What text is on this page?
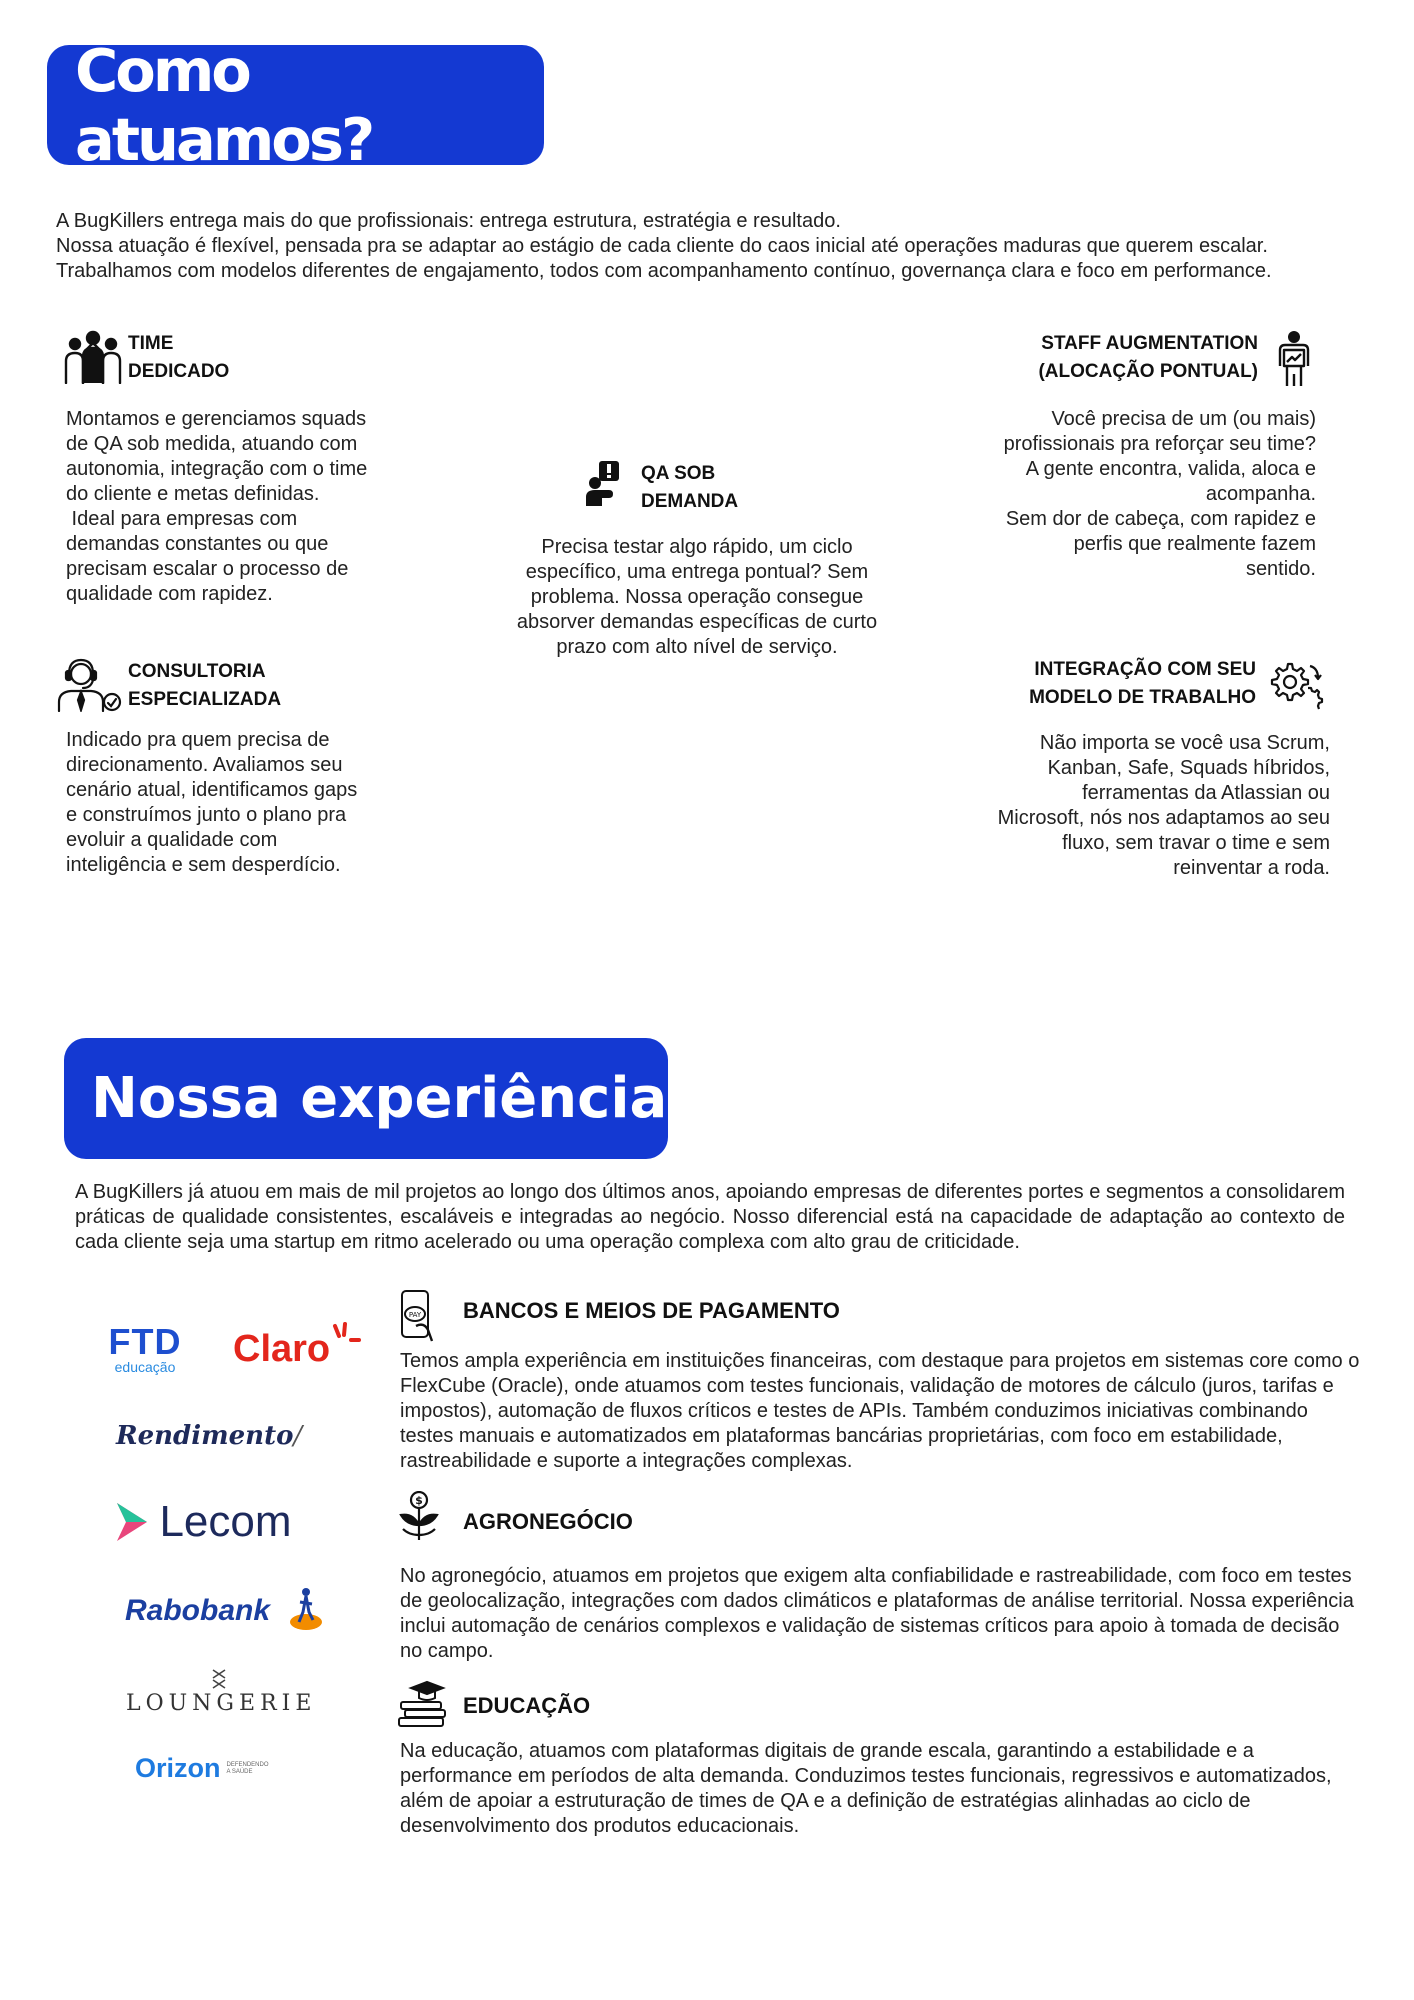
Como atuamos?
A BugKillers entrega mais do que profissionais: entrega estrutura, estratégia e resultado.
Nossa atuação é flexível, pensada pra se adaptar ao estágio de cada cliente do caos inicial até operações maduras que querem escalar. Trabalhamos com modelos diferentes de engajamento, todos com acompanhamento contínuo, governança clara e foco em performance.
TIME
DEDICADO
Montamos e gerenciamos squads
de QA sob medida, atuando com
autonomia, integração com o time
do cliente e metas definidas.
Ideal para empresas com
demandas constantes ou que
precisam escalar o processo de
qualidade com rapidez.
QA SOB
DEMANDA
Precisa testar algo rápido, um ciclo
específico, uma entrega pontual? Sem
problema. Nossa operação consegue
absorver demandas específicas de curto
prazo com alto nível de serviço.
STAFF AUGMENTATION
(ALOCAÇÃO PONTUAL)
Você precisa de um (ou mais)
profissionais pra reforçar seu time?
A gente encontra, valida, aloca e
acompanha.
Sem dor de cabeça, com rapidez e
perfis que realmente fazem
sentido.
CONSULTORIA
ESPECIALIZADA
Indicado pra quem precisa de
direcionamento. Avaliamos seu
cenário atual, identificamos gaps
e construímos junto o plano pra
evoluir a qualidade com
inteligência e sem desperdício.
INTEGRAÇÃO COM SEU
MODELO DE TRABALHO
Não importa se você usa Scrum,
Kanban, Safe, Squads híbridos,
ferramentas da Atlassian ou
Microsoft, nós nos adaptamos ao seu
fluxo, sem travar o time e sem
reinventar a roda.
Nossa experiência
A BugKillers já atuou em mais de mil projetos ao longo dos últimos anos, apoiando empresas de diferentes portes e segmentos a consolidarem práticas de qualidade consistentes, escaláveis e integradas ao negócio. Nosso diferencial está na capacidade de adaptação ao contexto de cada cliente seja uma startup em ritmo acelerado ou uma operação complexa com alto grau de criticidade.
FTD
educação	Claro
Rendimento/
Lecom
Rabobank
LOUNGERIE
Orizon DEFENDENDO
A SAÚDE
PAY BANCOS E MEIOS DE PAGAMENTO
Temos ampla experiência em instituições financeiras, com destaque para projetos em sistemas core como o FlexCube (Oracle), onde atuamos com testes funcionais, validação de motores de cálculo (juros, tarifas e impostos), automação de fluxos críticos e testes de APIs. Também conduzimos iniciativas combinando testes manuais e automatizados em plataformas bancárias proprietárias, com foco em estabilidade, rastreabilidade e suporte a integrações complexas.
$
AGRONEGÓCIO
No agronegócio, atuamos em projetos que exigem alta confiabilidade e rastreabilidade, com foco em testes de geolocalização, integrações com dados climáticos e plataformas de análise territorial. Nossa experiência inclui automação de cenários complexos e validação de sistemas críticos para apoio à tomada de decisão no campo.
EDUCAÇÃO
Na educação, atuamos com plataformas digitais de grande escala, garantindo a estabilidade e a performance em períodos de alta demanda. Conduzimos testes funcionais, regressivos e automatizados, além de apoiar a estruturação de times de QA e a definição de estratégias alinhadas ao ciclo de desenvolvimento dos produtos educacionais.
